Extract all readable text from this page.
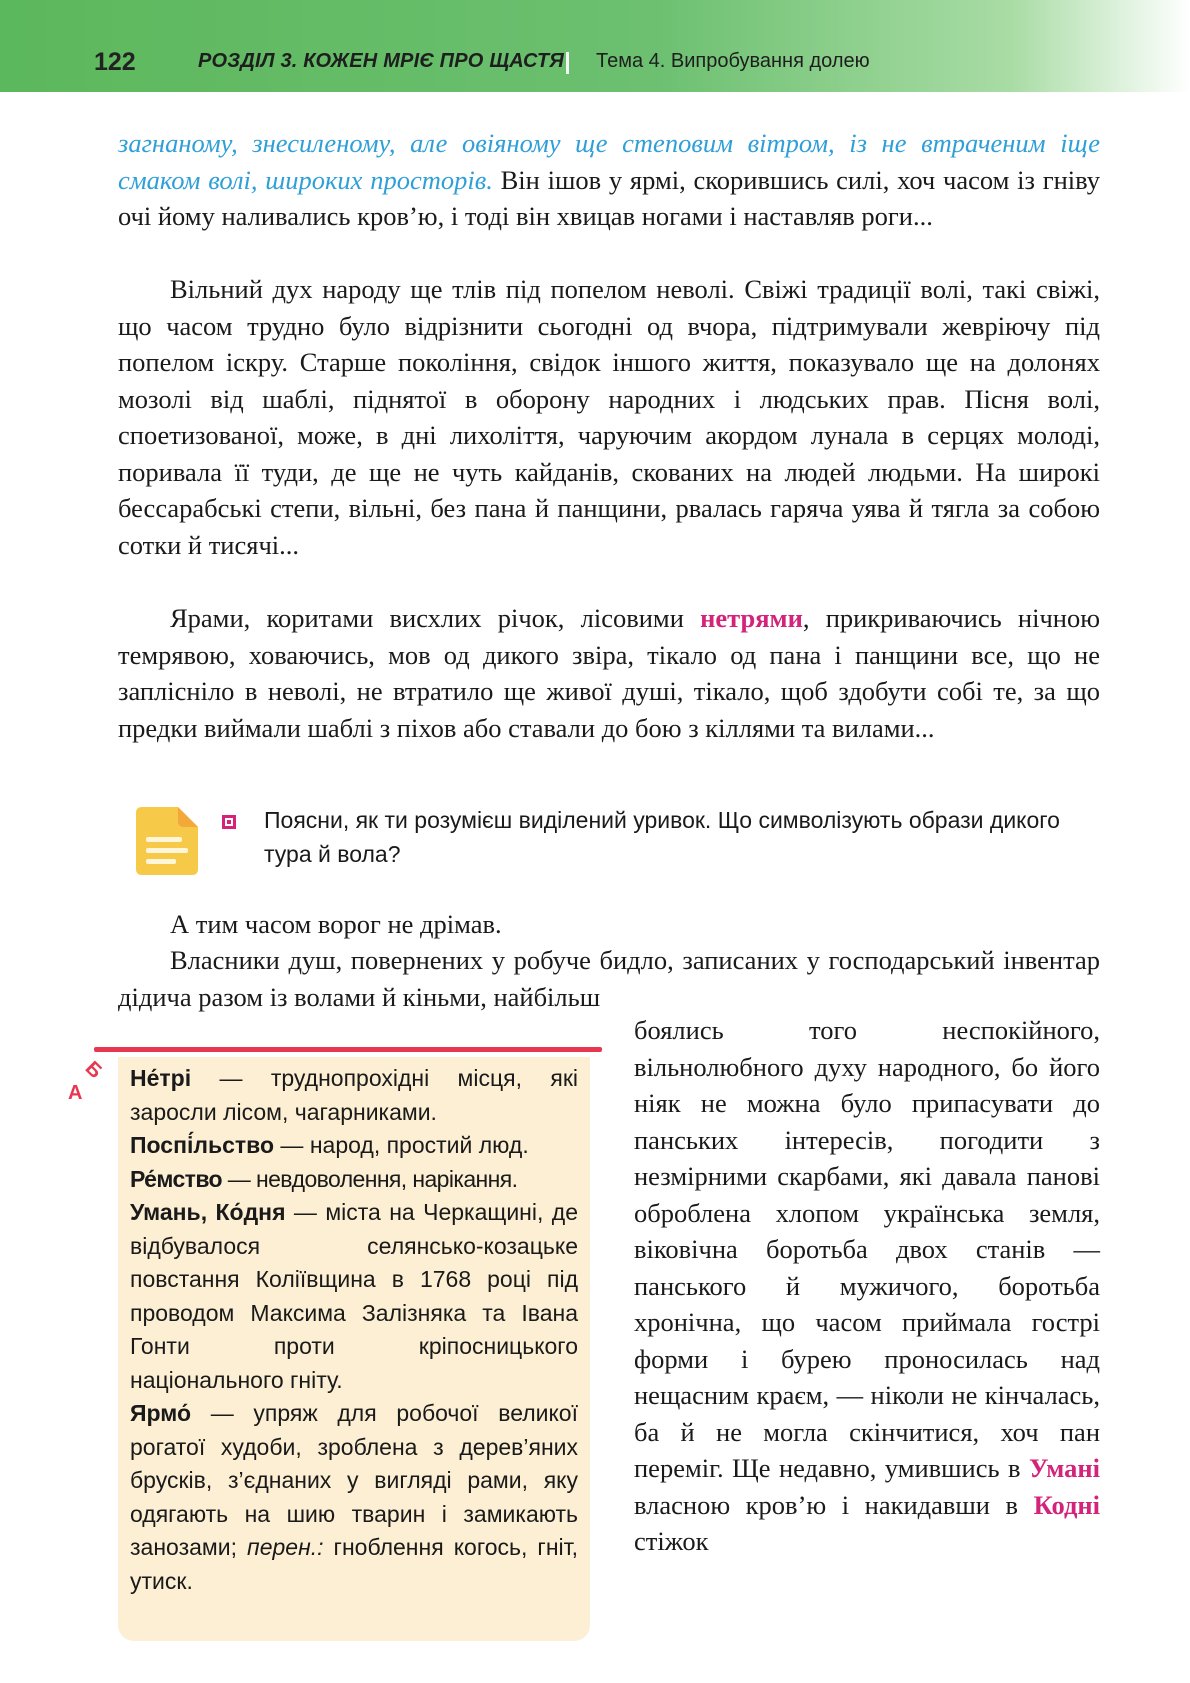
122	РОЗДІЛ 3. КОЖЕН МРІЄ ПРО ЩАСТЯ Тема 4. Випробування долею

загнаному, знесиленому, але овіяному ще степовим вітром, із не втраченим іще смаком волі, широких просторів. Він ішов у ярмі, скорившись силі, хоч часом із гніву очі йому наливались кров’ю, і тоді він хвицав ногами і наставляв роги...

Вільний дух народу ще тлів під попелом неволі. Свіжі традиції волі, такі свіжі, що часом трудно було відрізнити сьогодні од вчора, підтримували жевріючу під попелом іскру. Старше покоління, свідок іншого життя, показувало ще на долонях мозолі від шаблі, піднятої в оборону народних і людських прав. Пісня волі, споетизованої, може, в дні лихоліття, чаруючим акордом лунала в серцях молоді, поривала її туди, де ще не чуть кайданів, скованих на людей людьми. На широкі бессарабські степи, вільні, без пана й панщини, рвалась гаряча уява й тягла за собою сотки й тисячі...

Ярами, коритами висхлих річок, лісовими нетрями, прикриваючись нічною темрявою, ховаючись, мов од дикого звіра, тікало од пана і панщини все, що не заплісніло в неволі, не втратило ще живої душі, тікало, щоб здобути собі те, за що предки виймали шаблі з піхов або ставали до бою з кіллями та вилами...

Поясни, як ти розумієш виділений уривок. Що символізують образи дикого тура й вола?

А тим часом ворог не дрімав.

Власники душ, повернених у робуче бидло, записаних у господарський інвентар дідича разом із волами й кіньми, найбільш

Б
А

Не́трі — труднопрохідні місця, які заросли лісом, чагарниками.
Поспі́льство — народ, простий люд.
Ре́мство — невдоволення, нарікання.
Умань, Ко́дня — міста на Черкащині, де відбувалося селянсько-козацьке повстання Коліївщина в 1768 році під проводом Максима Залізняка та Івана Гонти проти кріпосницького національного гніту.
Ярмо́ — упряж для робочої великої рогатої худоби, зроблена з дерев’яних брусків, з’єднаних у вигляді рами, яку одягають на шию тварин і замикають занозами; перен.: гноблення когось, гніт, утиск.

боялись того неспокійного, вільнолюбного духу народного, бо його ніяк не можна було припасувати до панських інтересів, погодити з незмірними скарбами, які давала панові оброблена хлопом українська земля, віковічна боротьба двох станів — панського й мужичого, боротьба хронічна, що часом приймала гострі форми і бурею проносилась над нещасним краєм, — ніколи не кінчалась, ба й не могла скінчитися, хоч пан переміг. Ще недавно, умившись в Умані власною кров’ю і накидавши в Кодні стіжок
